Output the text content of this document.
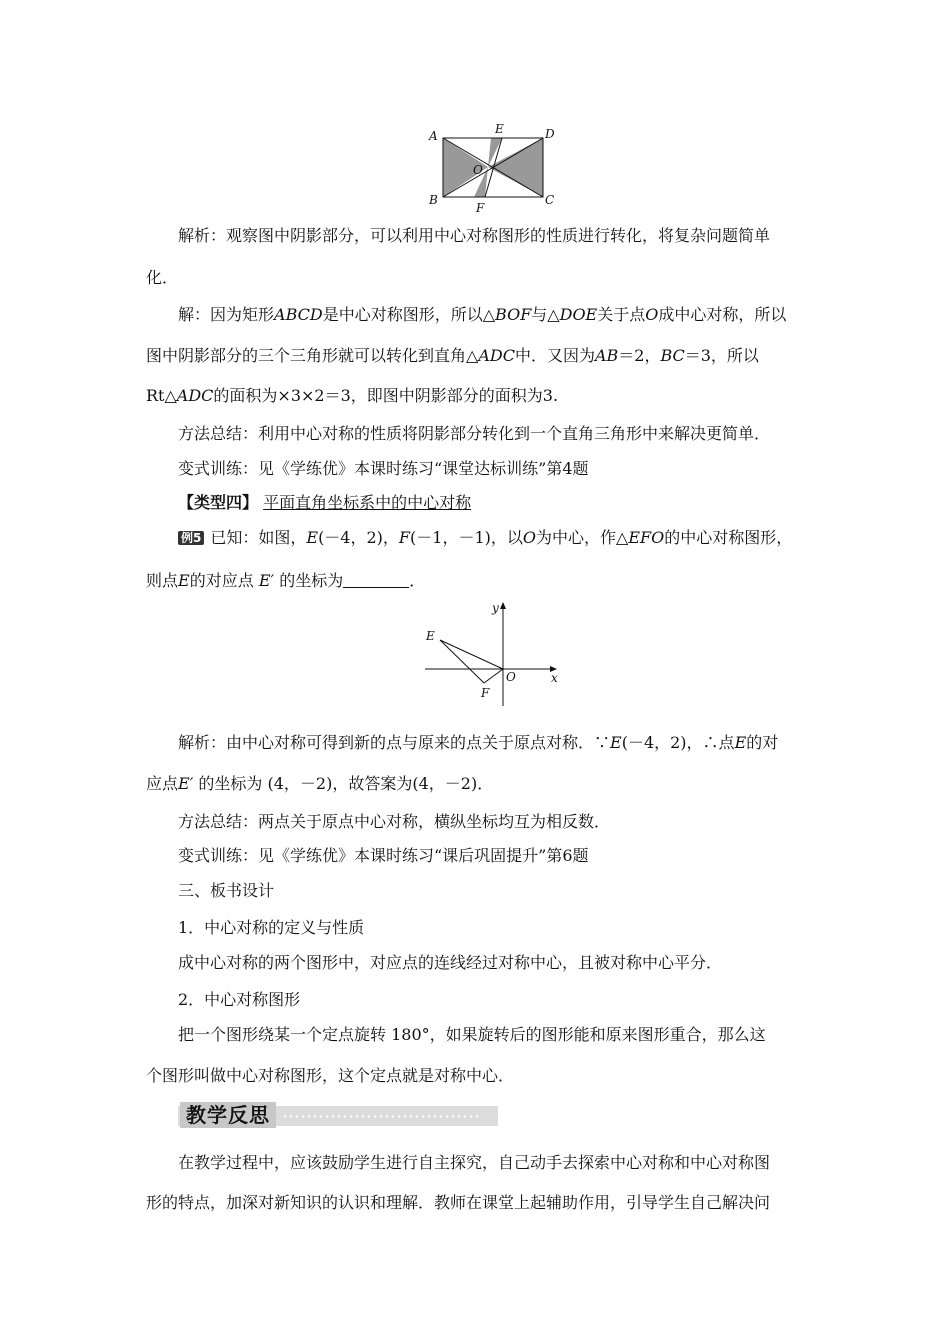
A	E	D
O
B
F
C
解析：观察图中阴影部分，可以利用中心对称图形的性质进行转化，将复杂问题简单
化．
解：因为矩形ABCD是中心对称图形，所以△BOF与△DOE关于点O成中心对称，所以
图中阴影部分的三个三角形就可以转化到直角△ADC中．又因为AB＝2，BC＝3，所以
Rt△ADC的面积为×3×2＝3，即图中阴影部分的面积为3.
方法总结：利用中心对称的性质将阴影部分转化到一个直角三角形中来解决更简单．
变式训练：见《学练优》本课时练习“课堂达标训练”第4题
【类型四】 平面直角坐标系中的中心对称
例5 已知：如图，E(－4，2)，F(－1，－1)，以O为中心，作△EFO的中心对称图形，
则点E的对应点 E′ 的坐标为	．
y
x
E
O
F
解析：由中心对称可得到新的点与原来的点关于原点对称．∵E(－4，2)，∴点E的对
应点E′ 的坐标为 (4，－2)，故答案为(4，－2)．
方法总结：两点关于原点中心对称，横纵坐标均互为相反数．
变式训练：见《学练优》本课时练习“课后巩固提升”第6题
三、板书设计
1．中心对称的定义与性质
成中心对称的两个图形中，对应点的连线经过对称中心，且被对称中心平分．
2．中心对称图形
把一个图形绕某一个定点旋转 180°，如果旋转后的图形能和原来图形重合，那么这
个图形叫做中心对称图形，这个定点就是对称中心．
教学反思
在教学过程中，应该鼓励学生进行自主探究，自己动手去探索中心对称和中心对称图
形的特点，加深对新知识的认识和理解．教师在课堂上起辅助作用，引导学生自己解决问
